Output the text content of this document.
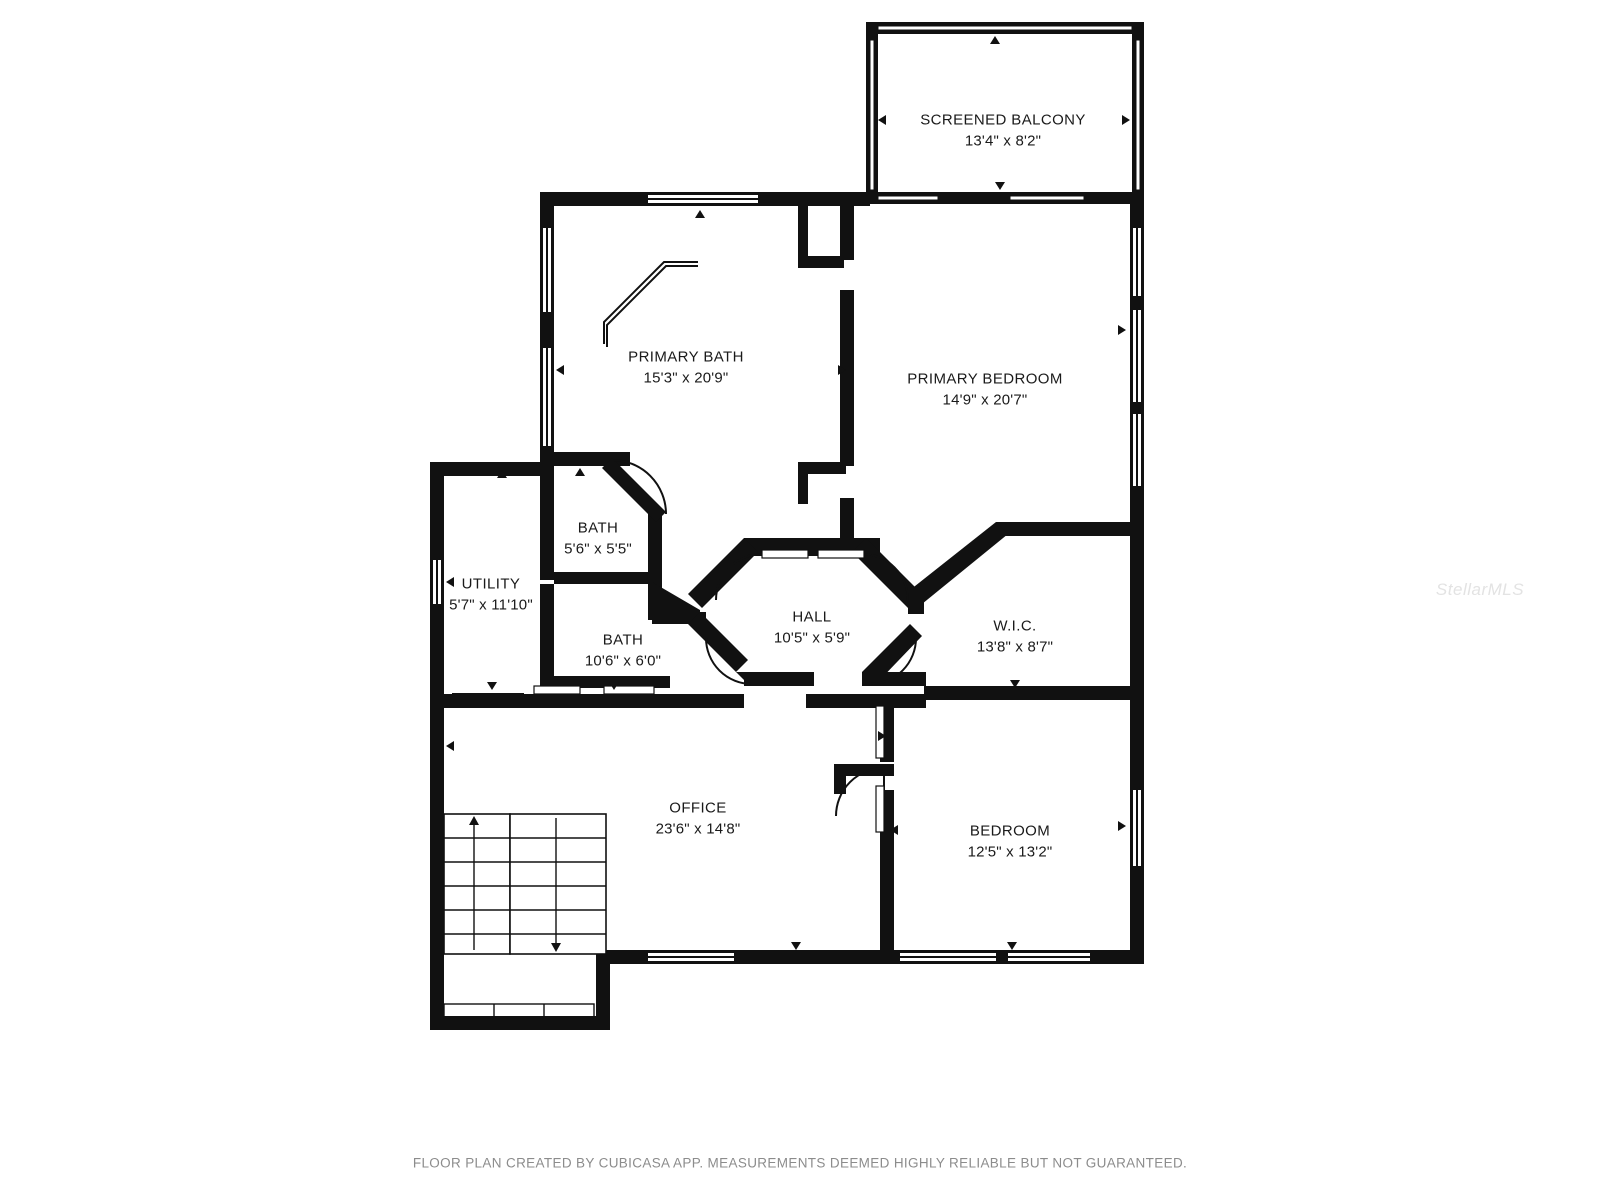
SCREENED BALCONY
13'4" x 8'2"
PRIMARY BATH
15'3" x 20'9"	PRIMARY BEDROOM
14'9" x 20'7"
BATH
5'6" x 5'5"
UTILITY
5'7" x 11'10"
BATH
10'6" x 6'0"
HALL
10'5" x 5'9"
W.I.C.
13'8" x 8'7"
OFFICE
23'6" x 14'8"	BEDROOM
12'5" x 13'2"
StellarMLS
FLOOR PLAN CREATED BY CUBICASA APP. MEASUREMENTS DEEMED HIGHLY RELIABLE BUT NOT GUARANTEED.
